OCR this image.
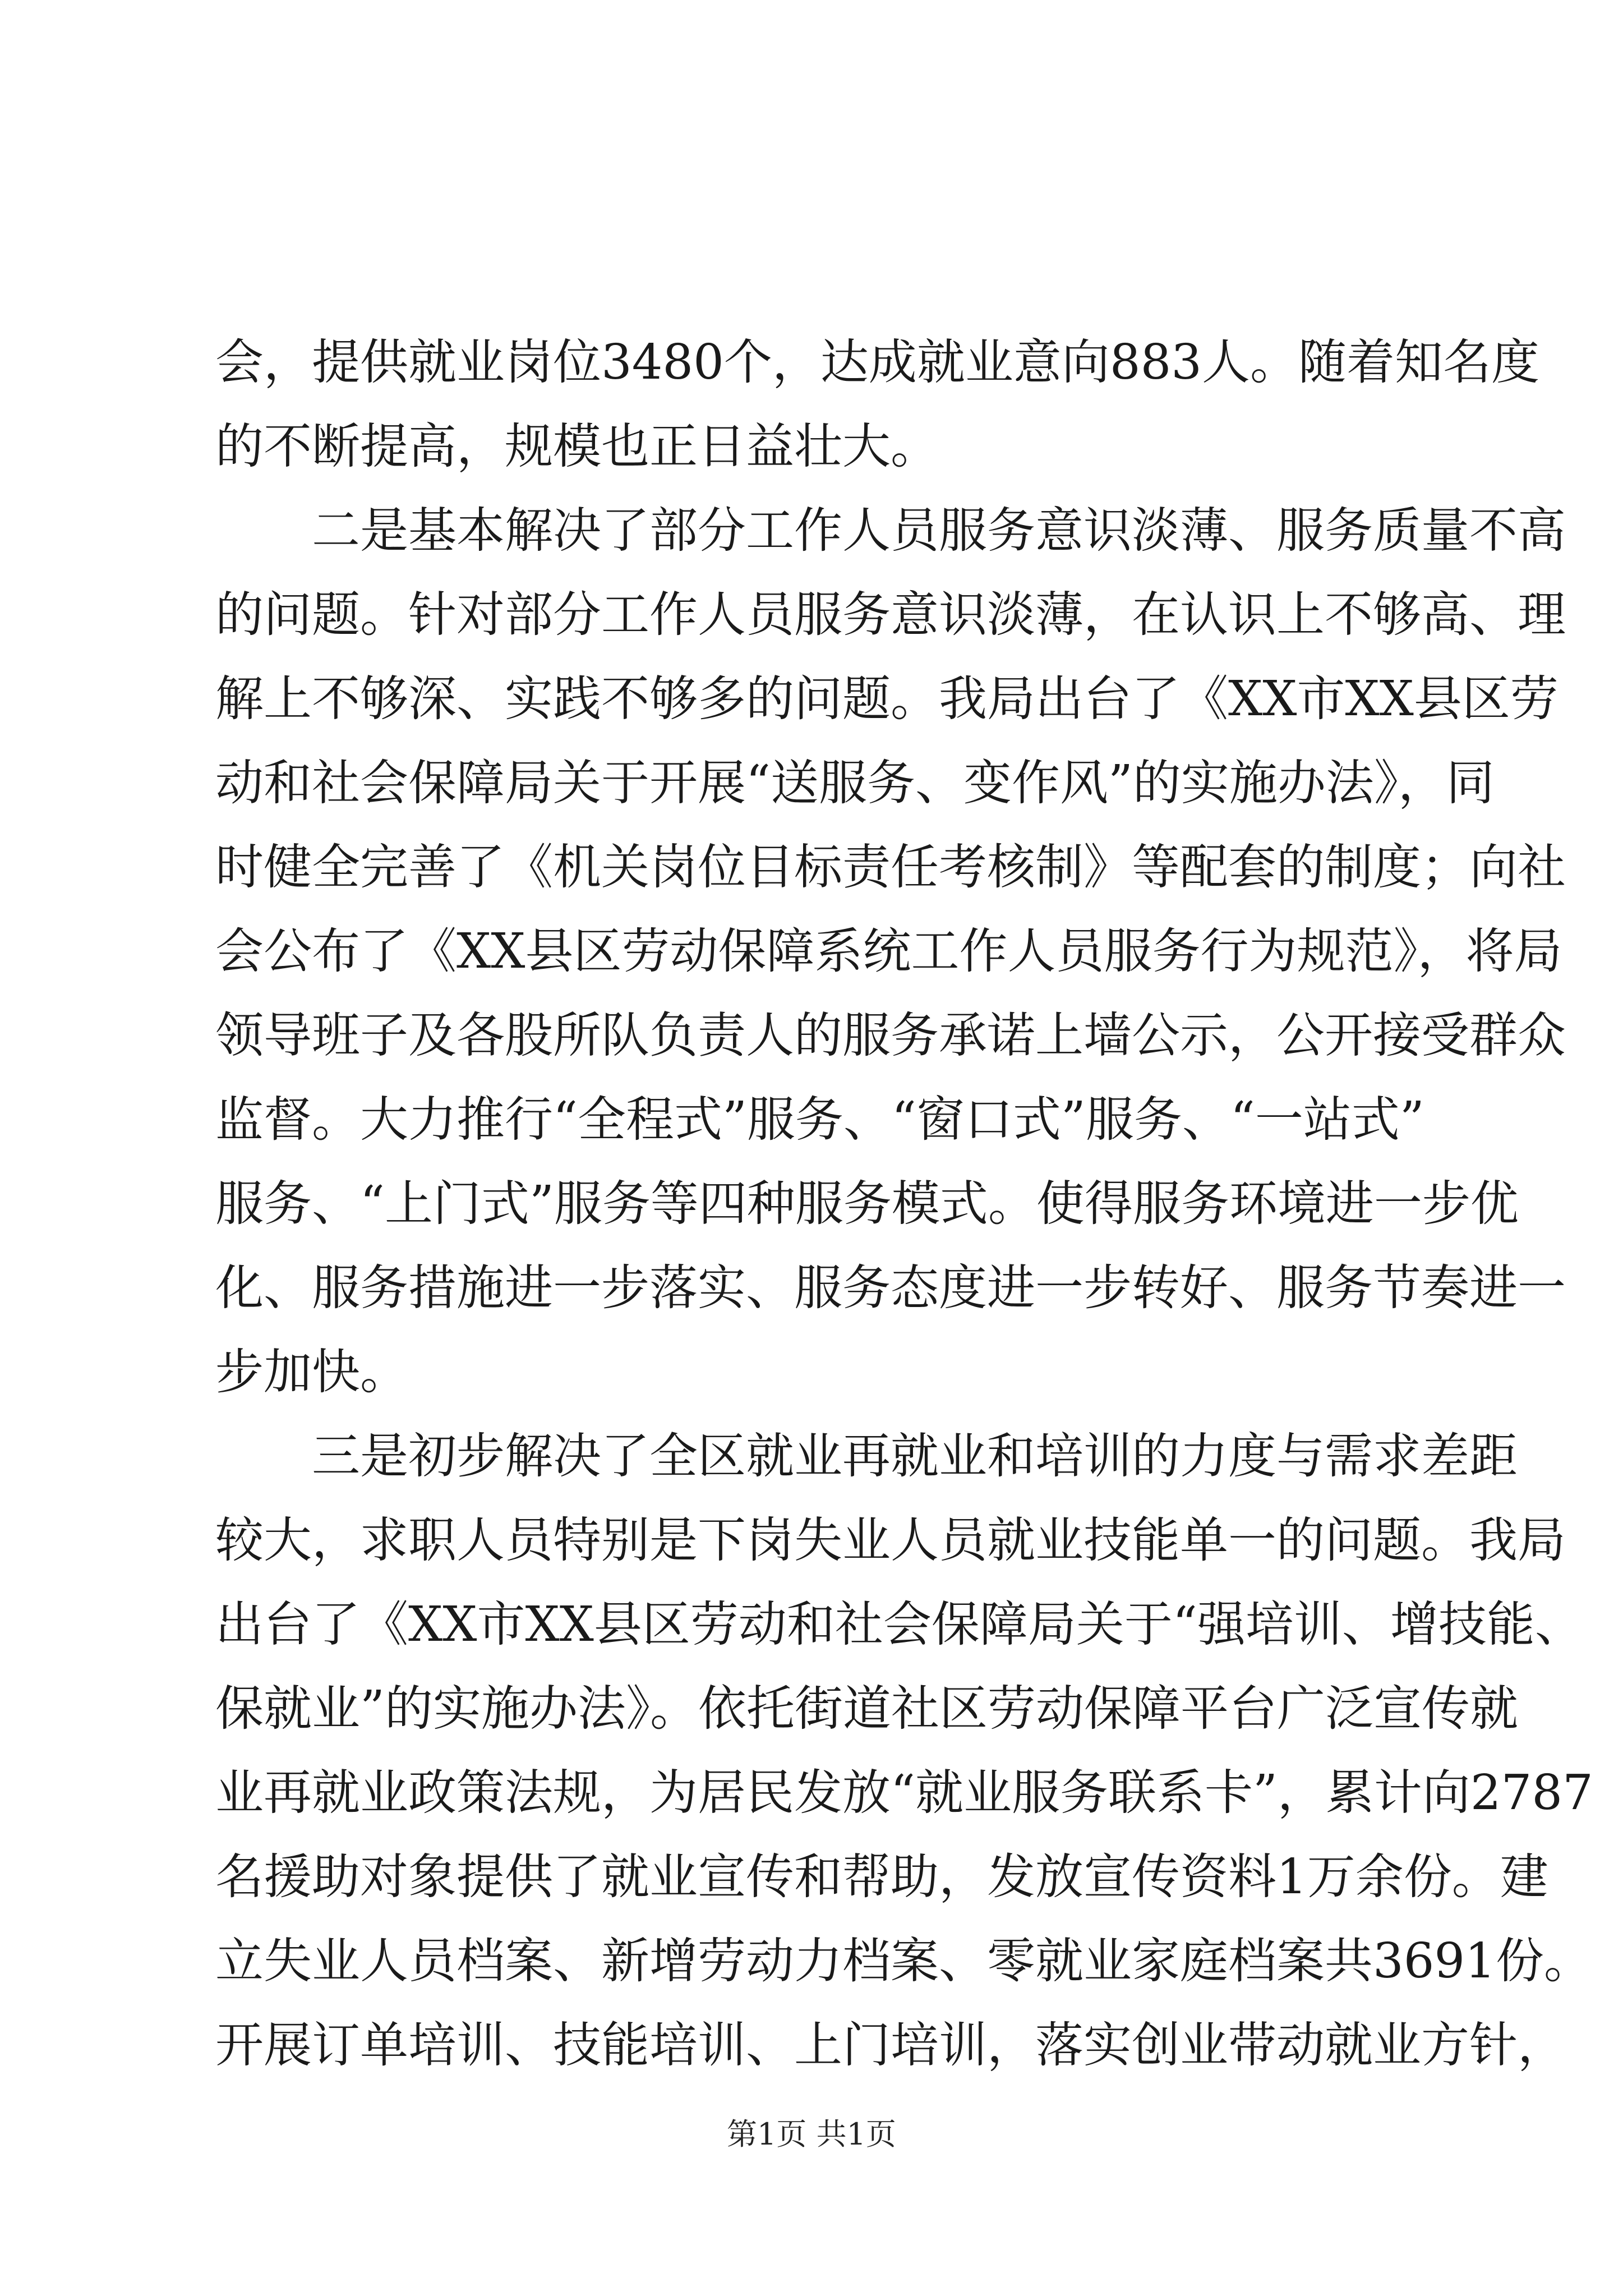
会，提供就业岗位3480个，达成就业意向883人。随着知名度
的不断提高，规模也正日益壮大。
二是基本解决了部分工作人员服务意识淡薄、服务质量不高
的问题。针对部分工作人员服务意识淡薄，在认识上不够高、理
解上不够深、实践不够多的问题。我局出台了《XX市XX县区劳
动和社会保障局关于开展“送服务、变作风”的实施办法》，同
时健全完善了《机关岗位目标责任考核制》等配套的制度；向社
会公布了《XX县区劳动保障系统工作人员服务行为规范》，将局
领导班子及各股所队负责人的服务承诺上墙公示，公开接受群众
监督。大力推行“全程式”服务、“窗口式”服务、“一站式”
服务、“上门式”服务等四种服务模式。使得服务环境进一步优
化、服务措施进一步落实、服务态度进一步转好、服务节奏进一
步加快。
三是初步解决了全区就业再就业和培训的力度与需求差距
较大，求职人员特别是下岗失业人员就业技能单一的问题。我局
出台了《XX市XX县区劳动和社会保障局关于“强培训、增技能、
保就业”的实施办法》。依托街道社区劳动保障平台广泛宣传就
业再就业政策法规，为居民发放“就业服务联系卡”，累计向2787
名援助对象提供了就业宣传和帮助，发放宣传资料1万余份。建
立失业人员档案、新增劳动力档案、零就业家庭档案共3691份。
开展订单培训、技能培训、上门培训，落实创业带动就业方针，
第1页 共1页
